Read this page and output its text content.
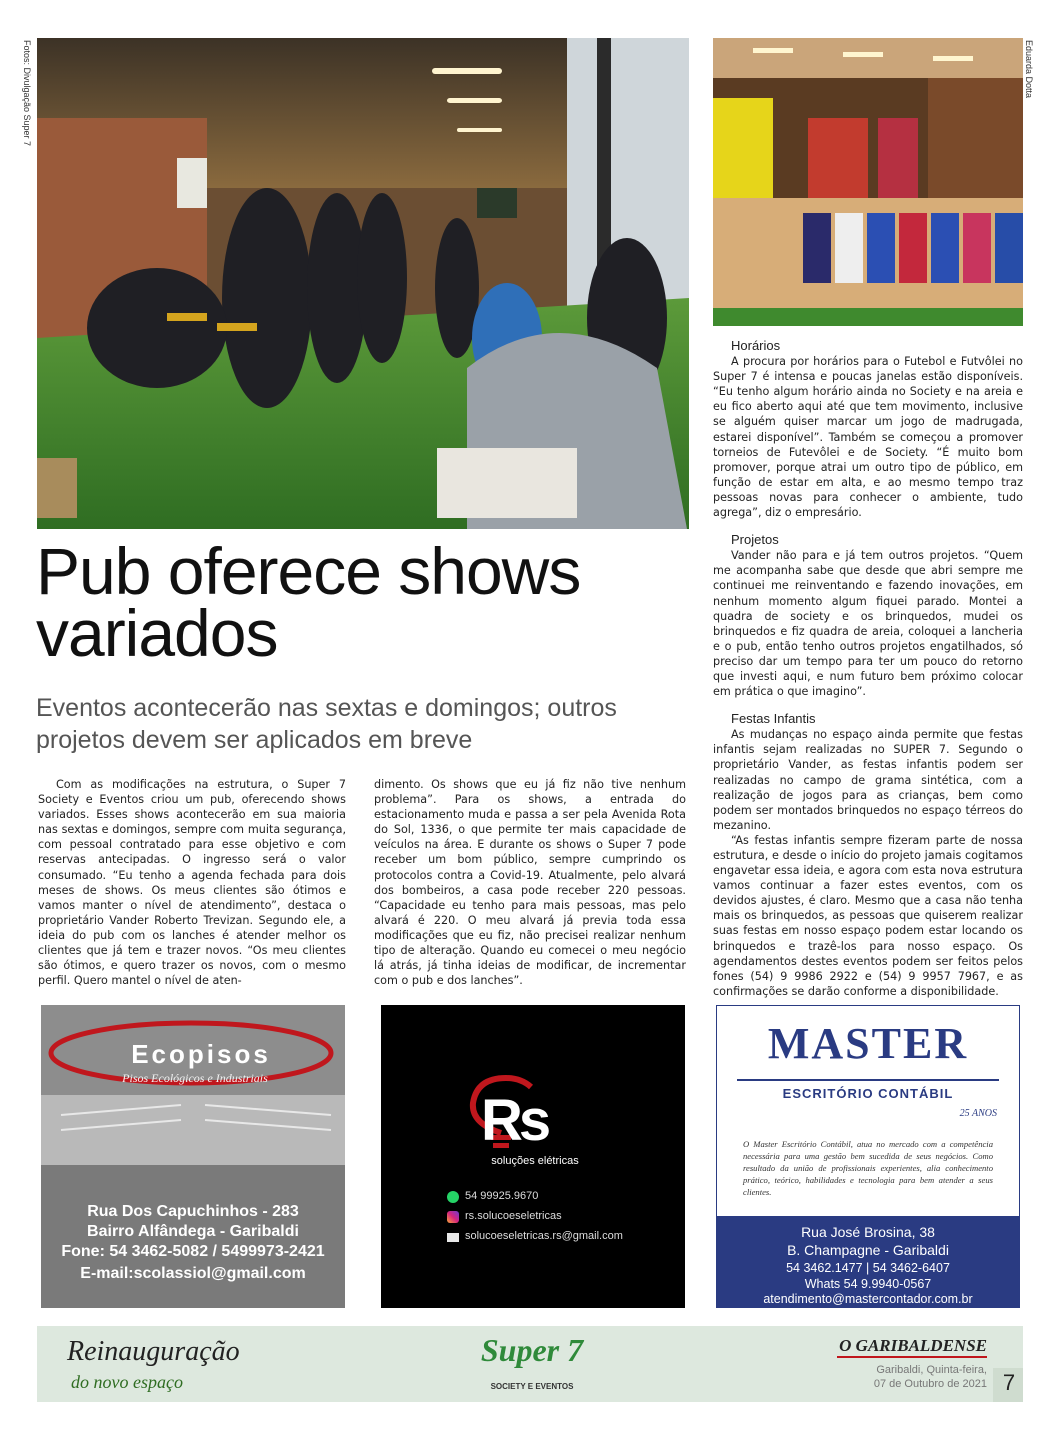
Fotos: Divulgação Super 7	Eduarda Dotta
Pub oferece shows variados
Eventos acontecerão nas sextas e domingos; outros projetos devem ser aplicados em breve

Com as modificações na estrutura, o Super 7 Society e Eventos criou um pub, oferecendo shows variados. Esses shows acontecerão em sua maioria nas sextas e domingos, sempre com muita segurança, com pessoal contratado para esse objetivo e com reservas antecipadas. O ingresso será o valor consumado. “Eu tenho a agenda fechada para dois meses de shows. Os meus clientes são ótimos e vamos manter o nível de atendimento”, destaca o proprietário Vander Roberto Trevizan. Segundo ele, a ideia do pub com os lanches é atender melhor os clientes que já tem e trazer novos. “Os meu clientes são ótimos, e quero trazer os novos, com o mesmo perfil. Quero mantel o nível de aten-

dimento. Os shows que eu já fiz não tive nenhum problema”. Para os shows, a entrada do estacionamento muda e passa a ser pela Avenida Rota do Sol, 1336, o que permite ter mais capacidade de veículos na área. E durante os shows o Super 7 pode receber um bom público, sempre cumprindo os protocolos contra a Covid-19. Atualmente, pelo alvará dos bombeiros, a casa pode receber 220 pessoas. “Capacidade eu tenho para mais pessoas, mas pelo alvará é 220. O meu alvará já previa toda essa modificações que eu fiz, não precisei realizar nenhum tipo de alteração. Quando eu comecei o meu negócio lá atrás, já tinha ideias de modificar, de incrementar com o pub e dos lanches”.

Horários

A procura por horários para o Futebol e Futvôlei no Super 7 é intensa e poucas janelas estão disponíveis. “Eu tenho algum horário ainda no Society e na areia e eu fico aberto aqui até que tem movimento, inclusive se alguém quiser marcar um jogo de madrugada, estarei disponível”. Também se começou a promover torneios de Futevôlei e de Society. “É muito bom promover, porque atrai um outro tipo de público, em função de estar em alta, e ao mesmo tempo traz pessoas novas para conhecer o ambiente, tudo agrega”, diz o empresário.

Projetos

Vander não para e já tem outros projetos. “Quem me acompanha sabe que desde que abri sempre me continuei me reinventando e fazendo inovações, em nenhum momento algum fiquei parado. Montei a quadra de society e os brinquedos, mudei os brinquedos e fiz quadra de areia, coloquei a lancheria e o pub, então tenho outros projetos engatilhados, só preciso dar um tempo para ter um pouco do retorno que investi aqui, e num futuro bem próximo colocar em prática o que imagino”.

Festas Infantis

As mudanças no espaço ainda permite que festas infantis sejam realizadas no SUPER 7. Segundo o proprietário Vander, as festas infantis podem ser realizadas no campo de grama sintética, com a realização de jogos para as crianças, bem como podem ser montados brinquedos no espaço térreos do mezanino.

“As festas infantis sempre fizeram parte de nossa estrutura, e desde o início do projeto jamais cogitamos engavetar essa ideia, e agora com esta nova estrutura vamos continuar a fazer estes eventos, com os devidos ajustes, é claro. Mesmo que a casa não tenha mais os brinquedos, as pessoas que quiserem realizar suas festas em nosso espaço podem estar locando os brinquedos e trazê-los para nosso espaço. Os agendamentos destes eventos podem ser feitos pelos fones (54) 9 9986 2922 e (54) 9 9957 7967, e as confirmações se darão conforme a disponibilidade.

Ecopisos
Pisos Ecológicos e Industriais
Rua Dos Capuchinhos - 283
Bairro Alfândega - Garibaldi
Fone: 54 3462-5082 / 5499973-2421
E-mail:scolassiol@gmail.com
Rs
soluções elétricas
54 99925.9670
rs.solucoeseletricas
solucoeseletricas.rs@gmail.com
MASTER
ESCRITÓRIO CONTÁBIL
25 ANOS
O Master Escritório Contábil, atua no mercado com a competência necessária para uma gestão bem sucedida de seus negócios. Como resultado da união de profissionais experientes, alia conhecimento prático, teórico, habilidades e tecnologia para bem atender a seus clientes.
Rua José Brosina, 38
B. Champagne - Garibaldi
54 3462.1477 | 54 3462-6407
Whats 54 9.9940-0567
atendimento@mastercontador.com.br
Reinauguração
do novo espaço
Super 7
SOCIETY E EVENTOS
O GARIBALDENSE
Garibaldi, Quinta-feira,
07 de Outubro de 2021 7
